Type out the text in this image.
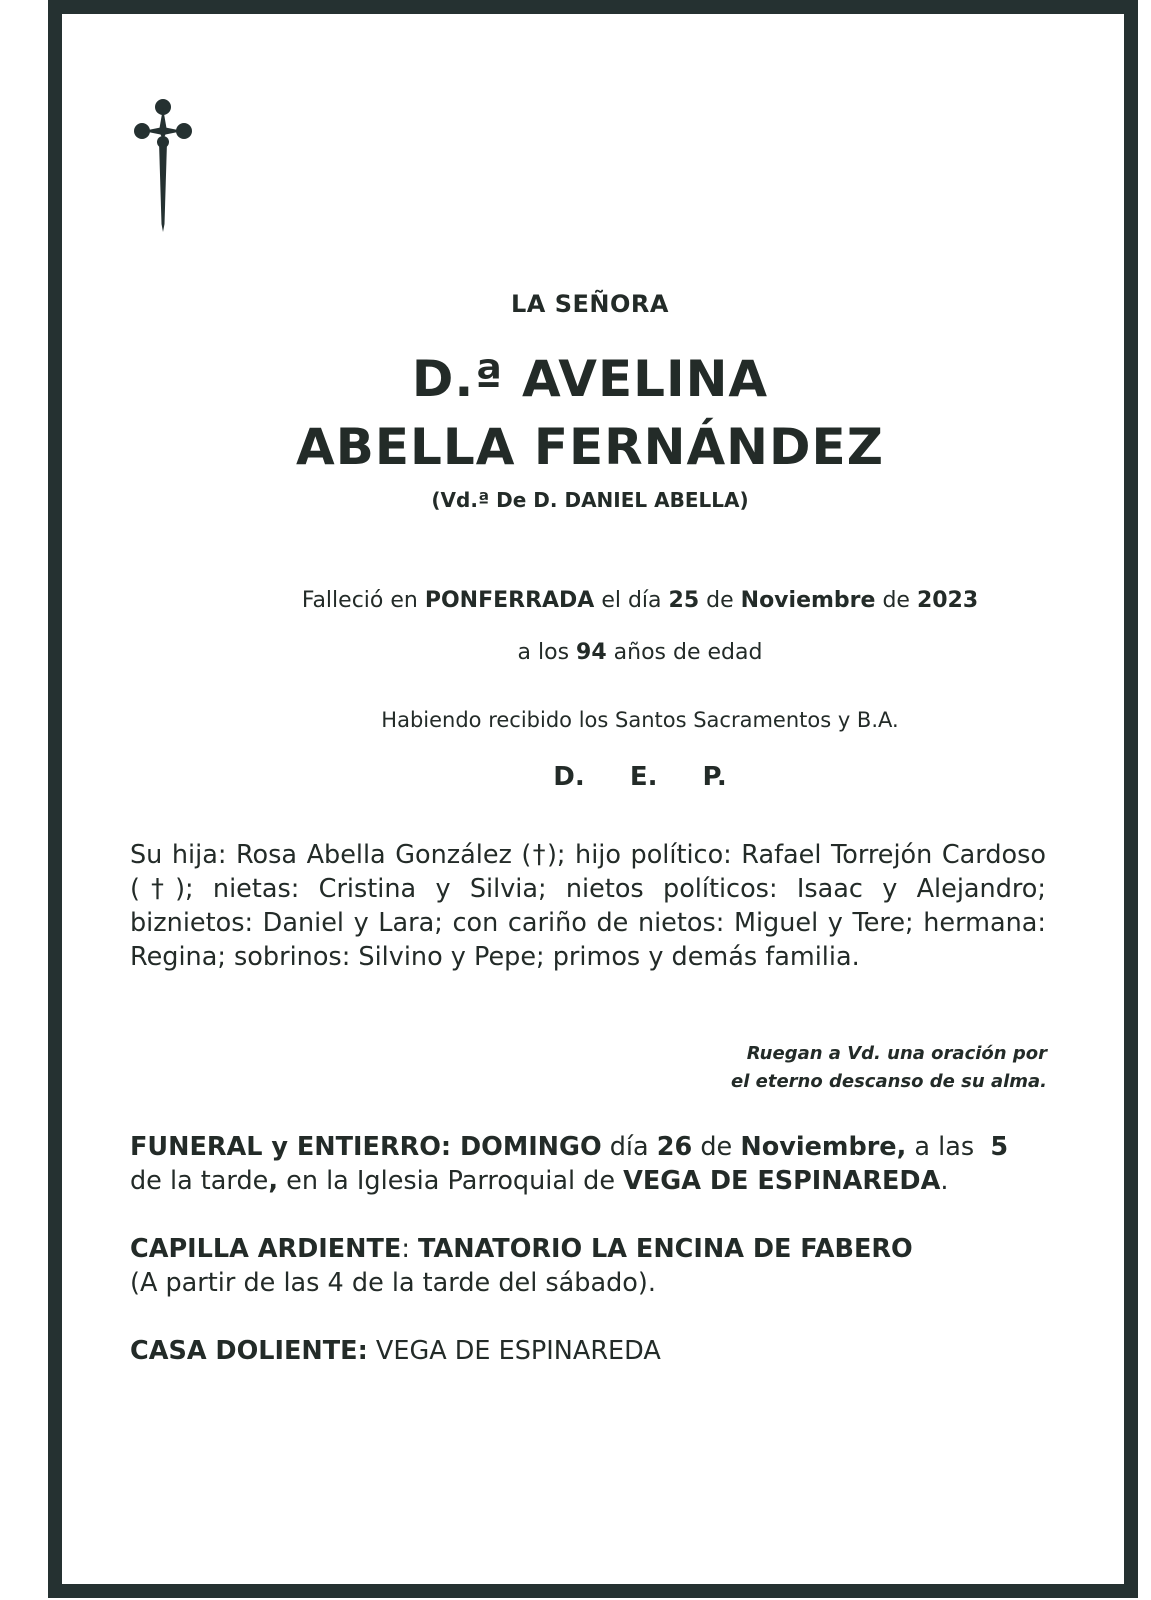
LA SEÑORA
D.ª AVELINA
ABELLA FERNÁNDEZ
(Vd.ª De D. DANIEL ABELLA)
Falleció en PONFERRADA el día 25 de Noviembre de 2023
a los 94 años de edad
Habiendo recibido los Santos Sacramentos y B.A.
D. E. P.
Su hija: Rosa Abella González (†); hijo político: Rafael Torrejón Cardoso (†); nietas: Cristina y Silvia; nietos políticos: Isaac y Alejandro; biznietos: Daniel y Lara; con cariño de nietos: Miguel y Tere; hermana: Regina; sobrinos: Silvino y Pepe; primos y demás familia.
Ruegan a Vd. una oración por
el eterno descanso de su alma.
FUNERAL y ENTIERRO: DOMINGO día 26 de Noviembre, a las 5  de la tarde, en la Iglesia Parroquial de VEGA DE ESPINAREDA.
CAPILLA ARDIENTE: TANATORIO LA ENCINA DE FABERO
(A partir de las 4 de la tarde del sábado).
CASA DOLIENTE: VEGA DE ESPINAREDA
